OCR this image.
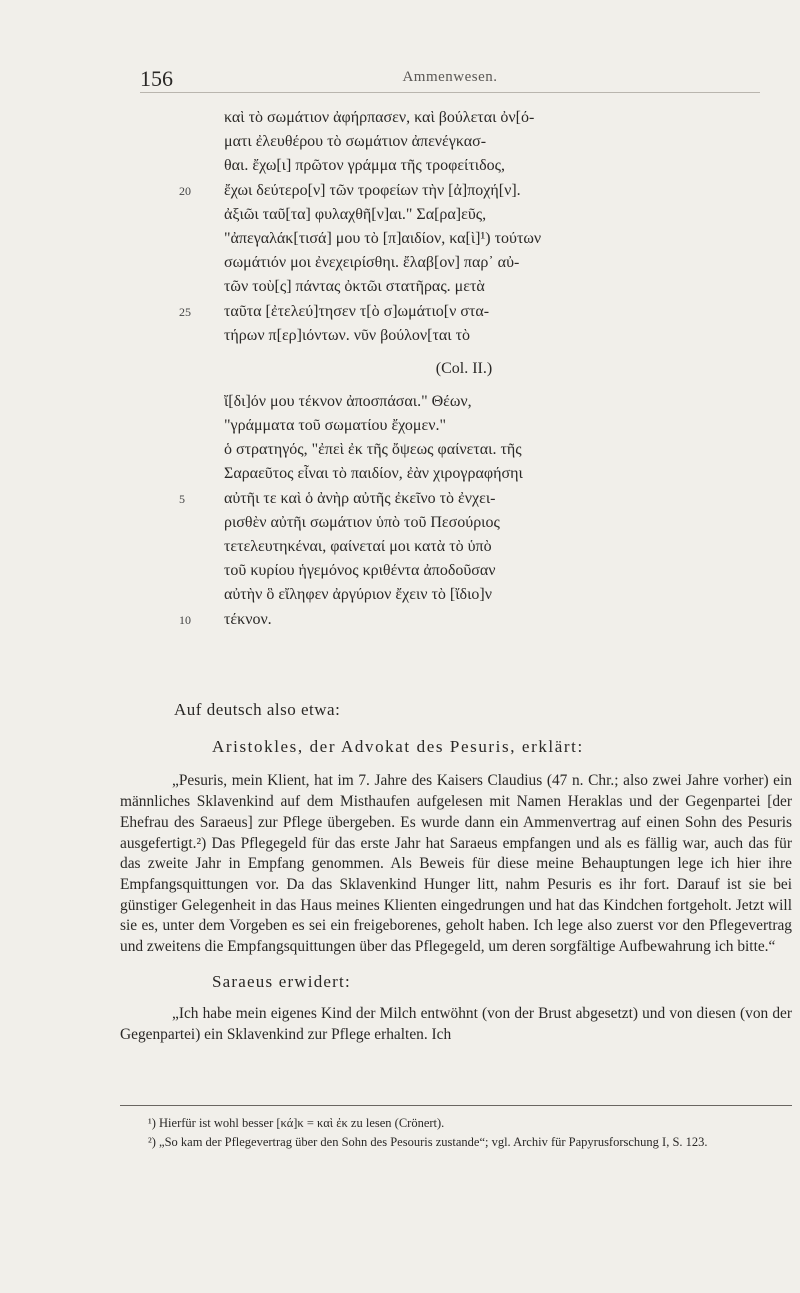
156	Ammenwesen.
καὶ τὸ σωμάτιον ἀφήρπασεν, καὶ βούλεται ὀν[ό-
ματι ἐλευθέρου τὸ σωμάτιον ἀπενέγκασ-
θαι. ἔχω[ι] πρῶτον γράμμα τῆς τροφείτιδος,
20 ἔχωι δεύτερο[ν] τῶν τροφείων τὴν [ἀ]ποχή[ν].
ἀξιῶι ταῦ[τα] φυλαχθῆ[ν]αι." Σα[ρα]εῦς,
"ἀπεγαλάκ[τισά] μου τὸ [π]αιδίον, κα[ὶ]¹) τούτων
σωμάτιόν μοι ἐνεχειρίσθηι. ἔλαβ[ον] παρ᾽ αὐ-
τῶν τοὺ[ς] πάντας ὀκτῶι στατῆρας. μετὰ
25 ταῦτα [ἐτελεύ]τησεν τ[ὸ σ]ωμάτιο[ν στα-
τήρων π[ερ]ιόντων. νῦν βούλον[ται τὸ
(Col. II.)
ἴ[δι]όν μου τέκνον ἀποσπάσαι." Θέων,
"γράμματα τοῦ σωματίου ἔχομεν."
ὁ στρατηγός, "ἐπεὶ ἐκ τῆς ὄψεως φαίνεται. τῆς
Σαραεῦτος εἶναι τὸ παιδίον, ἐὰν χιρογραφήσηι
5 αὐτῆι τε καὶ ὁ ἀνὴρ αὐτῆς ἐκεῖνο τὸ ἐνχει-
ρισθὲν αὐτῆι σωμάτιον ὑπὸ τοῦ Πεσούριος
τετελευτηκέναι, φαίνεταί μοι κατὰ τὸ ὑπὸ
τοῦ κυρίου ἡγεμόνος κριθέντα ἀποδοῦσαν
αὐτὴν ὃ εἴληφεν ἀργύριον ἔχειν τὸ [ἴδιο]ν
10 τέκνον.

Auf deutsch also etwa:

Aristokles, der Advokat des Pesuris, erklärt:

„Pesuris, mein Klient, hat im 7. Jahre des Kaisers Claudius (47 n. Chr.; also zwei Jahre vorher) ein männliches Sklavenkind auf dem Misthaufen aufgelesen mit Namen Heraklas und der Gegenpartei [der Ehefrau des Saraeus] zur Pflege übergeben. Es wurde dann ein Ammenvertrag auf einen Sohn des Pesuris ausgefertigt.²) Das Pflegegeld für das erste Jahr hat Saraeus empfangen und als es fällig war, auch das für das zweite Jahr in Empfang genommen. Als Beweis für diese meine Behauptungen lege ich hier ihre Empfangsquittungen vor. Da das Sklavenkind Hunger litt, nahm Pesuris es ihr fort. Darauf ist sie bei günstiger Gelegenheit in das Haus meines Klienten eingedrungen und hat das Kindchen fortgeholt. Jetzt will sie es, unter dem Vorgeben es sei ein freigeborenes, geholt haben. Ich lege also zuerst vor den Pflegevertrag und zweitens die Empfangsquittungen über das Pflegegeld, um deren sorgfältige Aufbewahrung ich bitte.“

Saraeus erwidert:

„Ich habe mein eigenes Kind der Milch entwöhnt (von der Brust abgesetzt) und von diesen (von der Gegenpartei) ein Sklavenkind zur Pflege erhalten. Ich

¹) Hierfür ist wohl besser [κά]κ = καὶ ἐκ zu lesen (Crönert).

²) „So kam der Pflegevertrag über den Sohn des Pesouris zustande“; vgl. Archiv für Papyrusforschung I, S. 123.
